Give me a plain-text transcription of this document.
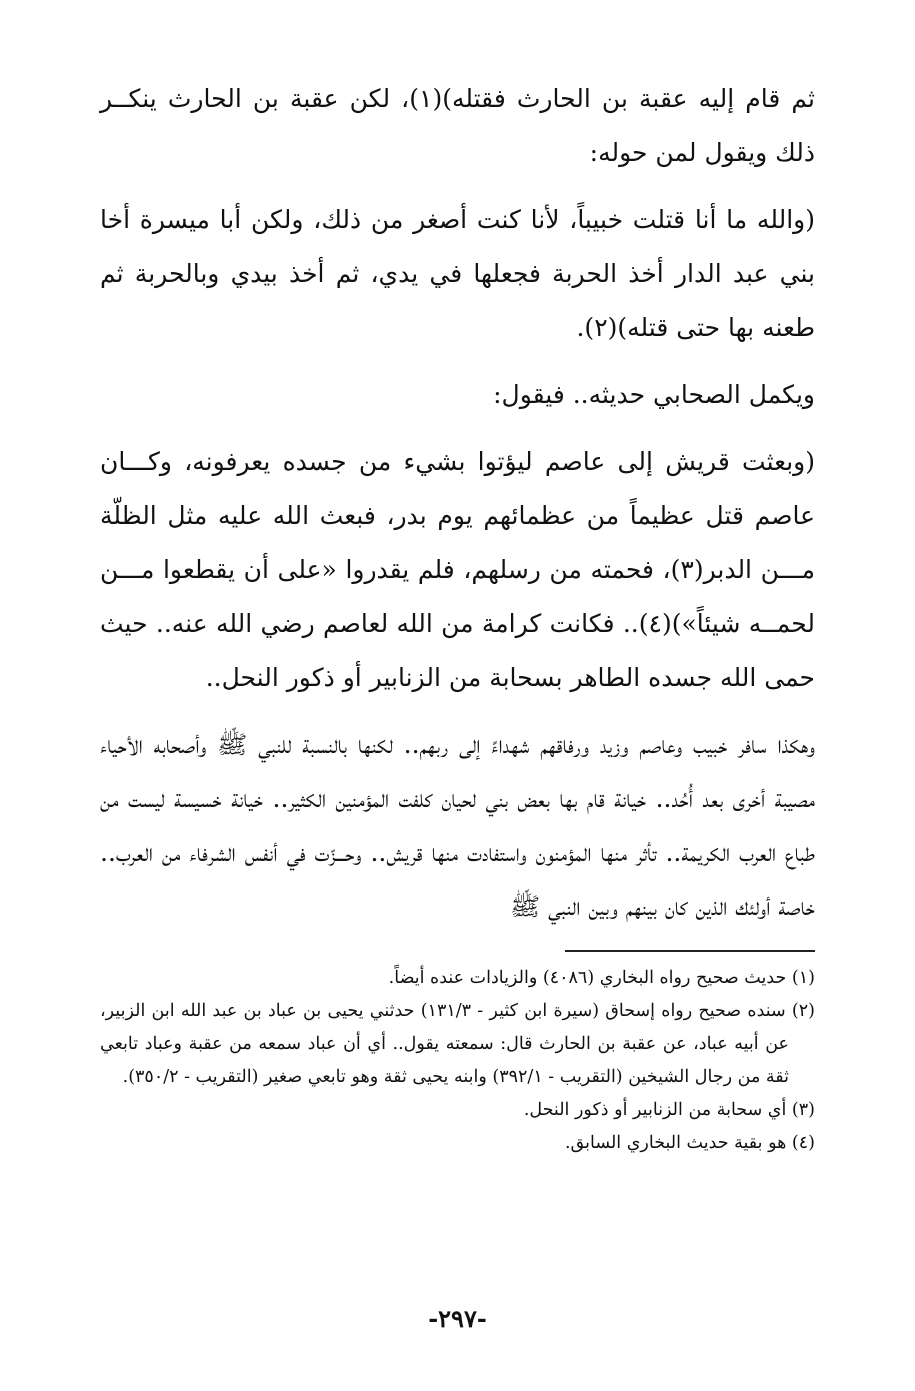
ثم قام إليه عقبة بن الحارث فقتله)(١)، لكن عقبة بن الحارث ينكــر ذلك ويقول لمن حوله:

(والله ما أنا قتلت خبيباً، لأنا كنت أصغر من ذلك، ولكن أبا ميسرة أخا بني عبد الدار أخذ الحربة فجعلها في يدي، ثم أخذ بيدي وبالحربة ثم طعنه بها حتى قتله)(٢).

ويكمل الصحابي حديثه.. فيقول:

(وبعثت قريش إلى عاصم ليؤتوا بشيء من جسده يعرفونه، وكـــان عاصم قتل عظيماً من عظمائهم يوم بدر، فبعث الله عليه مثل الظلّة مـــن الدبر(٣)، فحمته من رسلهم، فلم يقدروا «على أن يقطعوا مـــن لحمــه شيئاً»)(٤).. فكانت كرامة من الله لعاصم رضي الله عنه.. حيث حمى الله جسده الطاهر بسحابة من الزنابير أو ذكور النحل..

وهكذا سافر خبيب وعاصم وزيد ورفاقهم شهداءً إلى ربهم.. لكنها بالنسبة للنبي ﷺ وأصحابه الأحياء مصيبة أخرى بعد أُحُد.. خيانة قام بها بعض بني لحيان كلفت المؤمنين الكثير.. خيانة خسيسة ليست من طباع العرب الكريمة.. تأثر منها المؤمنون واستفادت منها قريش.. وحـــزّت في أنفس الشرفاء من العرب.. خاصة أولئك الذين كان بينهم وبين النبي ﷺ

(١) حديث صحيح رواه البخاري (٤٠٨٦) والزيادات عنده أيضاً.

(٢) سنده صحيح رواه إسحاق (سيرة ابن كثير - ١٣١/٣) حدثني يحيى بن عباد بن عبد الله ابن الزبير، عن أبيه عباد، عن عقبة بن الحارث قال: سمعته يقول.. أي أن عباد سمعه من عقبة وعباد تابعي ثقة من رجال الشيخين (التقريب - ٣٩٢/١) وابنه يحيى ثقة وهو تابعي صغير (التقريب - ٣٥٠/٢).

(٣) أي سحابة من الزنابير أو ذكور النحل.

(٤) هو بقية حديث البخاري السابق.

-٢٩٧-
